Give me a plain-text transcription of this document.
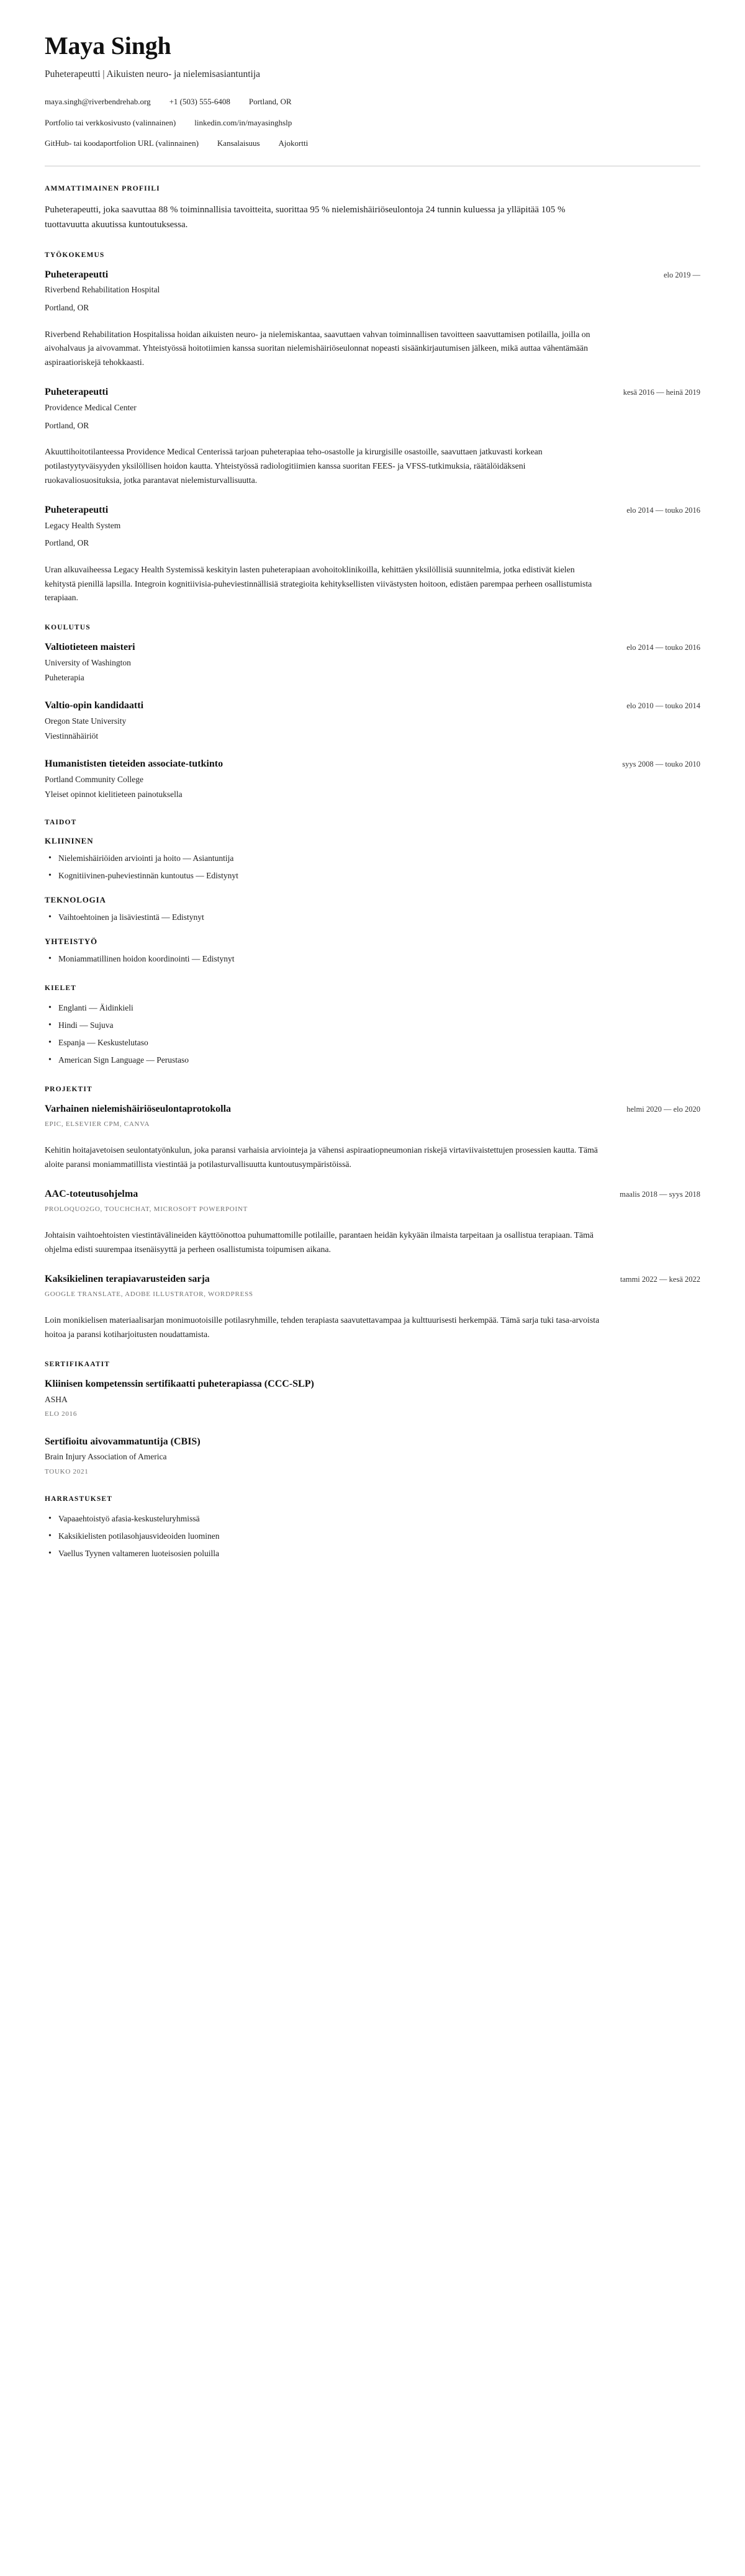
Maya Singh

Puheterapeutti | Aikuisten neuro- ja nielemisasiantuntija

maya.singh@riverbendrehab.org +1 (503) 555-6408 Portland, OR
Portfolio tai verkkosivusto (valinnainen) linkedin.com/in/mayasinghslp
GitHub- tai koodaportfolion URL (valinnainen) Kansalaisuus Ajokortti
AMMATTIMAINEN PROFIILI

Puheterapeutti, joka saavuttaa 88 % toiminnallisia tavoitteita, suorittaa 95 % nielemishäiriöseulontoja 24 tunnin kuluessa ja ylläpitää 105 % tuottavuutta akuutissa kuntoutuksessa.

TYÖKOKEMUS
Puheterapeutti	elo 2019 —

Riverbend Rehabilitation Hospital

Portland, OR

Riverbend Rehabilitation Hospitalissa hoidan aikuisten neuro- ja nielemiskantaa, saavuttaen vahvan toiminnallisen tavoitteen saavuttamisen potilailla, joilla on aivohalvaus ja aivovammat. Yhteistyössä hoitotiimien kanssa suoritan nielemishäiriöseulonnat nopeasti sisäänkirjautumisen jälkeen, mikä auttaa vähentämään aspiraatioriskejä tehokkaasti.

Puheterapeutti	kesä 2016 — heinä 2019

Providence Medical Center

Portland, OR

Akuuttihoitotilanteessa Providence Medical Centerissä tarjoan puheterapiaa teho-osastolle ja kirurgisille osastoille, saavuttaen jatkuvasti korkean potilastyytyväisyyden yksilöllisen hoidon kautta. Yhteistyössä radiologitiimien kanssa suoritan FEES- ja VFSS-tutkimuksia, räätälöidäkseni ruokavaliosuosituksia, jotka parantavat nielemisturvallisuutta.

Puheterapeutti	elo 2014 — touko 2016

Legacy Health System

Portland, OR

Uran alkuvaiheessa Legacy Health Systemissä keskityin lasten puheterapiaan avohoitoklinikoilla, kehittäen yksilöllisiä suunnitelmia, jotka edistivät kielen kehitystä pienillä lapsilla. Integroin kognitiivisia-puheviestinnällisiä strategioita kehityksellisten viivästysten hoitoon, edistäen parempaa perheen osallistumista terapiaan.

KOULUTUS
Valtiotieteen maisteri	elo 2014 — touko 2016

University of Washington

Puheterapia

Valtio-opin kandidaatti	elo 2010 — touko 2014

Oregon State University

Viestinnähäiriöt

Humanististen tieteiden associate-tutkinto	syys 2008 — touko 2010

Portland Community College

Yleiset opinnot kielitieteen painotuksella

TAIDOT
KLIININEN
• Nielemishäiriöiden arviointi ja hoito — Asiantuntija
• Kognitiivinen-puheviestinnän kuntoutus — Edistynyt
TEKNOLOGIA
• Vaihtoehtoinen ja lisäviestintä — Edistynyt
YHTEISTYÖ
• Moniammatillinen hoidon koordinointi — Edistynyt
KIELET
• Englanti — Äidinkieli
• Hindi — Sujuva
• Espanja — Keskustelutaso
• American Sign Language — Perustaso
PROJEKTIT
Varhainen nielemishäiriöseulontaprotokolla	helmi 2020 — elo 2020

EPIC, ELSEVIER CPM, CANVA

Kehitin hoitajavetoisen seulontatyönkulun, joka paransi varhaisia arviointeja ja vähensi aspiraatiopneumonian riskejä virtaviivaistettujen prosessien kautta. Tämä aloite paransi moniammatillista viestintää ja potilasturvallisuutta kuntoutusympäristöissä.

AAC-toteutusohjelma	maalis 2018 — syys 2018

PROLOQUO2GO, TOUCHCHAT, MICROSOFT POWERPOINT

Johtaisin vaihtoehtoisten viestintävälineiden käyttöönottoa puhumattomille potilaille, parantaen heidän kykyään ilmaista tarpeitaan ja osallistua terapiaan. Tämä ohjelma edisti suurempaa itsenäisyyttä ja perheen osallistumista toipumisen aikana.

Kaksikielinen terapiavarusteiden sarja	tammi 2022 — kesä 2022

GOOGLE TRANSLATE, ADOBE ILLUSTRATOR, WORDPRESS

Loin monikielisen materiaalisarjan monimuotoisille potilasryhmille, tehden terapiasta saavutettavampaa ja kulttuurisesti herkempää. Tämä sarja tuki tasa-arvoista hoitoa ja paransi kotiharjoitusten noudattamista.

SERTIFIKAATIT
Kliinisen kompetenssin sertifikaatti puheterapiassa (CCC-SLP)

ASHA

ELO 2016

Sertifioitu aivovammatuntija (CBIS)

Brain Injury Association of America

TOUKO 2021

HARRASTUKSET
• Vapaaehtoistyö afasia-keskusteluryhmissä
• Kaksikielisten potilasohjausvideoiden luominen
• Vaellus Tyynen valtameren luoteisosien poluilla
